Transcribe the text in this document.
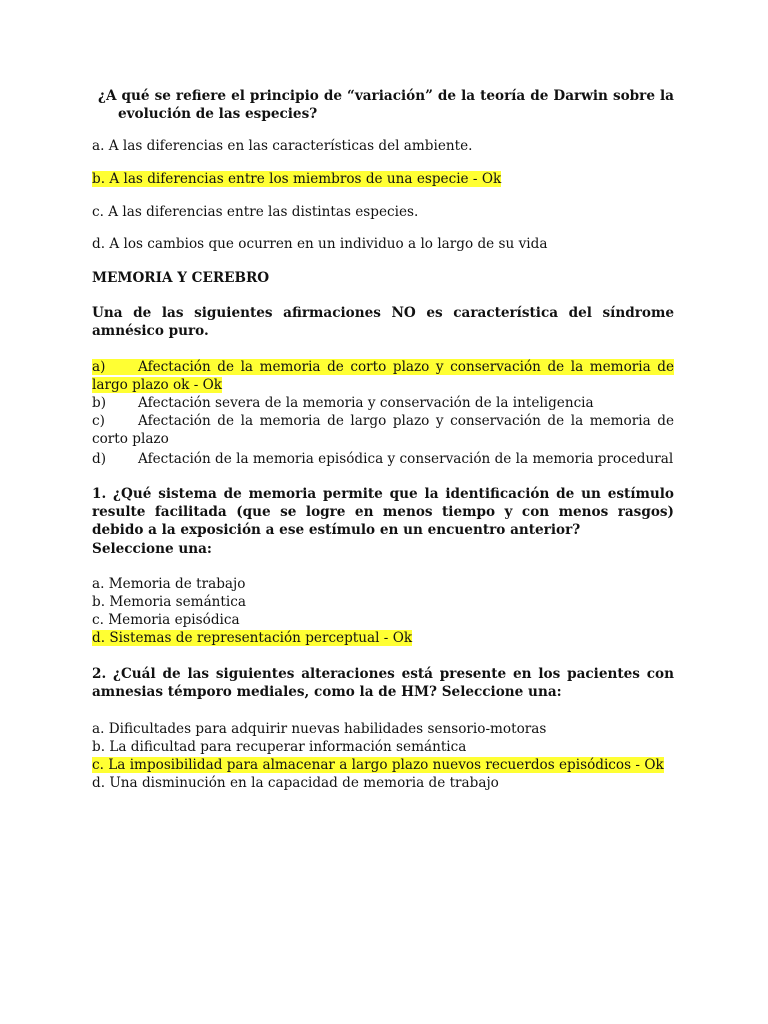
¿A qué se refiere el principio de “variación” de la teoría de Darwin sobre la evolución de las especies?

a. A las diferencias en las características del ambiente.

b. A las diferencias entre los miembros de una especie - Ok

c. A las diferencias entre las distintas especies.

d. A los cambios que ocurren en un individuo a lo largo de su vida

MEMORIA Y CEREBRO

Una de las siguientes afirmaciones NO es característica del síndrome amnésico puro.

a) Afectación de la memoria de corto plazo y conservación de la memoria de largo plazo ok - Ok

b) Afectación severa de la memoria y conservación de la inteligencia

c) Afectación de la memoria de largo plazo y conservación de la memoria de corto plazo

d) Afectación de la memoria episódica y conservación de la memoria procedural

1. ¿Qué sistema de memoria permite que la identificación de un estímulo resulte facilitada (que se logre en menos tiempo y con menos rasgos) debido a la exposición a ese estímulo en un encuentro anterior?

Seleccione una:

a. Memoria de trabajo

b. Memoria semántica

c. Memoria episódica

d. Sistemas de representación perceptual - Ok

2. ¿Cuál de las siguientes alteraciones está presente en los pacientes con amnesias témporo mediales, como la de HM? Seleccione una:

a. Dificultades para adquirir nuevas habilidades sensorio-motoras

b. La dificultad para recuperar información semántica

c. La imposibilidad para almacenar a largo plazo nuevos recuerdos episódicos - Ok

d. Una disminución en la capacidad de memoria de trabajo
